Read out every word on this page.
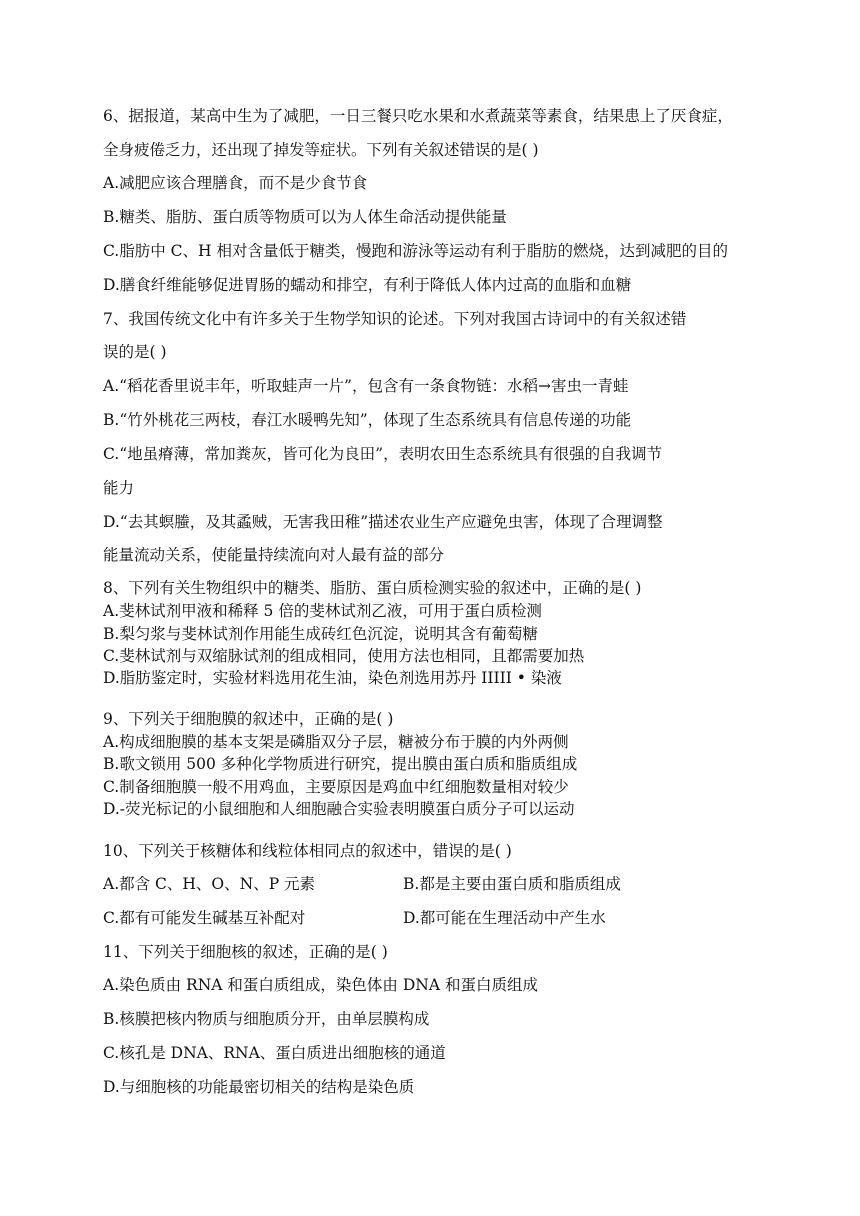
6、据报道，某高中生为了减肥，一日三餐只吃水果和水煮蔬菜等素食，结果患上了厌食症，
全身疲倦乏力，还出现了掉发等症状。下列有关叙述错误的是( )
A.减肥应该合理膳食，而不是少食节食
B.糖类、脂肪、蛋白质等物质可以为人体生命活动提供能量
C.脂肪中 C、H 相对含量低于糖类，慢跑和游泳等运动有利于脂肪的燃烧，达到减肥的目的
D.膳食纤维能够促进胃肠的蠕动和排空，有利于降低人体内过高的血脂和血糖
7、我国传统文化中有许多关于生物学知识的论述。下列对我国古诗词中的有关叙述错
误的是( )
A.“稻花香里说丰年，听取蛙声一片”，包含有一条食物链：水稻→害虫一青蛙
B.“竹外桃花三两枝，春江水暖鸭先知”，体现了生态系统具有信息传递的功能
C.“地虽瘠薄，常加粪灰，皆可化为良田”，表明农田生态系统具有很强的自我调节
能力
D.“去其螟螣，及其蟊贼，无害我田稚”描述农业生产应避免虫害，体现了合理调整
能量流动关系，使能量持续流向对人最有益的部分
8、下列有关生物组织中的糖类、脂肪、蛋白质检测实验的叙述中，正确的是( )
A.斐林试剂甲液和稀释 5 倍的斐林试剂乙液，可用于蛋白质检测
B.梨匀浆与斐林试剂作用能生成砖红色沉淀，说明其含有葡萄糖
C.斐林试剂与双缩脉试剂的组成相同，使用方法也相同，且都需要加热
D.脂肪鉴定时，实验材料选用花生油，染色剂选用苏丹 IIIII • 染液
9、下列关于细胞膜的叙述中，正确的是( )
A.构成细胞膜的基本支架是磷脂双分子层，糖被分布于膜的内外两侧
B.歌文锁用 500 多种化学物质进行研究，提出膜由蛋白质和脂质组成
C.制备细胞膜一般不用鸡血，主要原因是鸡血中红细胞数量相对较少
D.-荧光标记的小鼠细胞和人细胞融合实验表明膜蛋白质分子可以运动
10、下列关于核糖体和线粒体相同点的叙述中，错误的是( )
A.都含 C、H、O、N、P 元素	B.都是主要由蛋白质和脂质组成
C.都有可能发生碱基互补配对	D.都可能在生理活动中产生水
11、下列关于细胞核的叙述，正确的是( )
A.染色质由 RNA 和蛋白质组成，染色体由 DNA 和蛋白质组成
B.核膜把核内物质与细胞质分开，由单层膜构成
C.核孔是 DNA、RNA、蛋白质进出细胞核的通道
D.与细胞核的功能最密切相关的结构是染色质
